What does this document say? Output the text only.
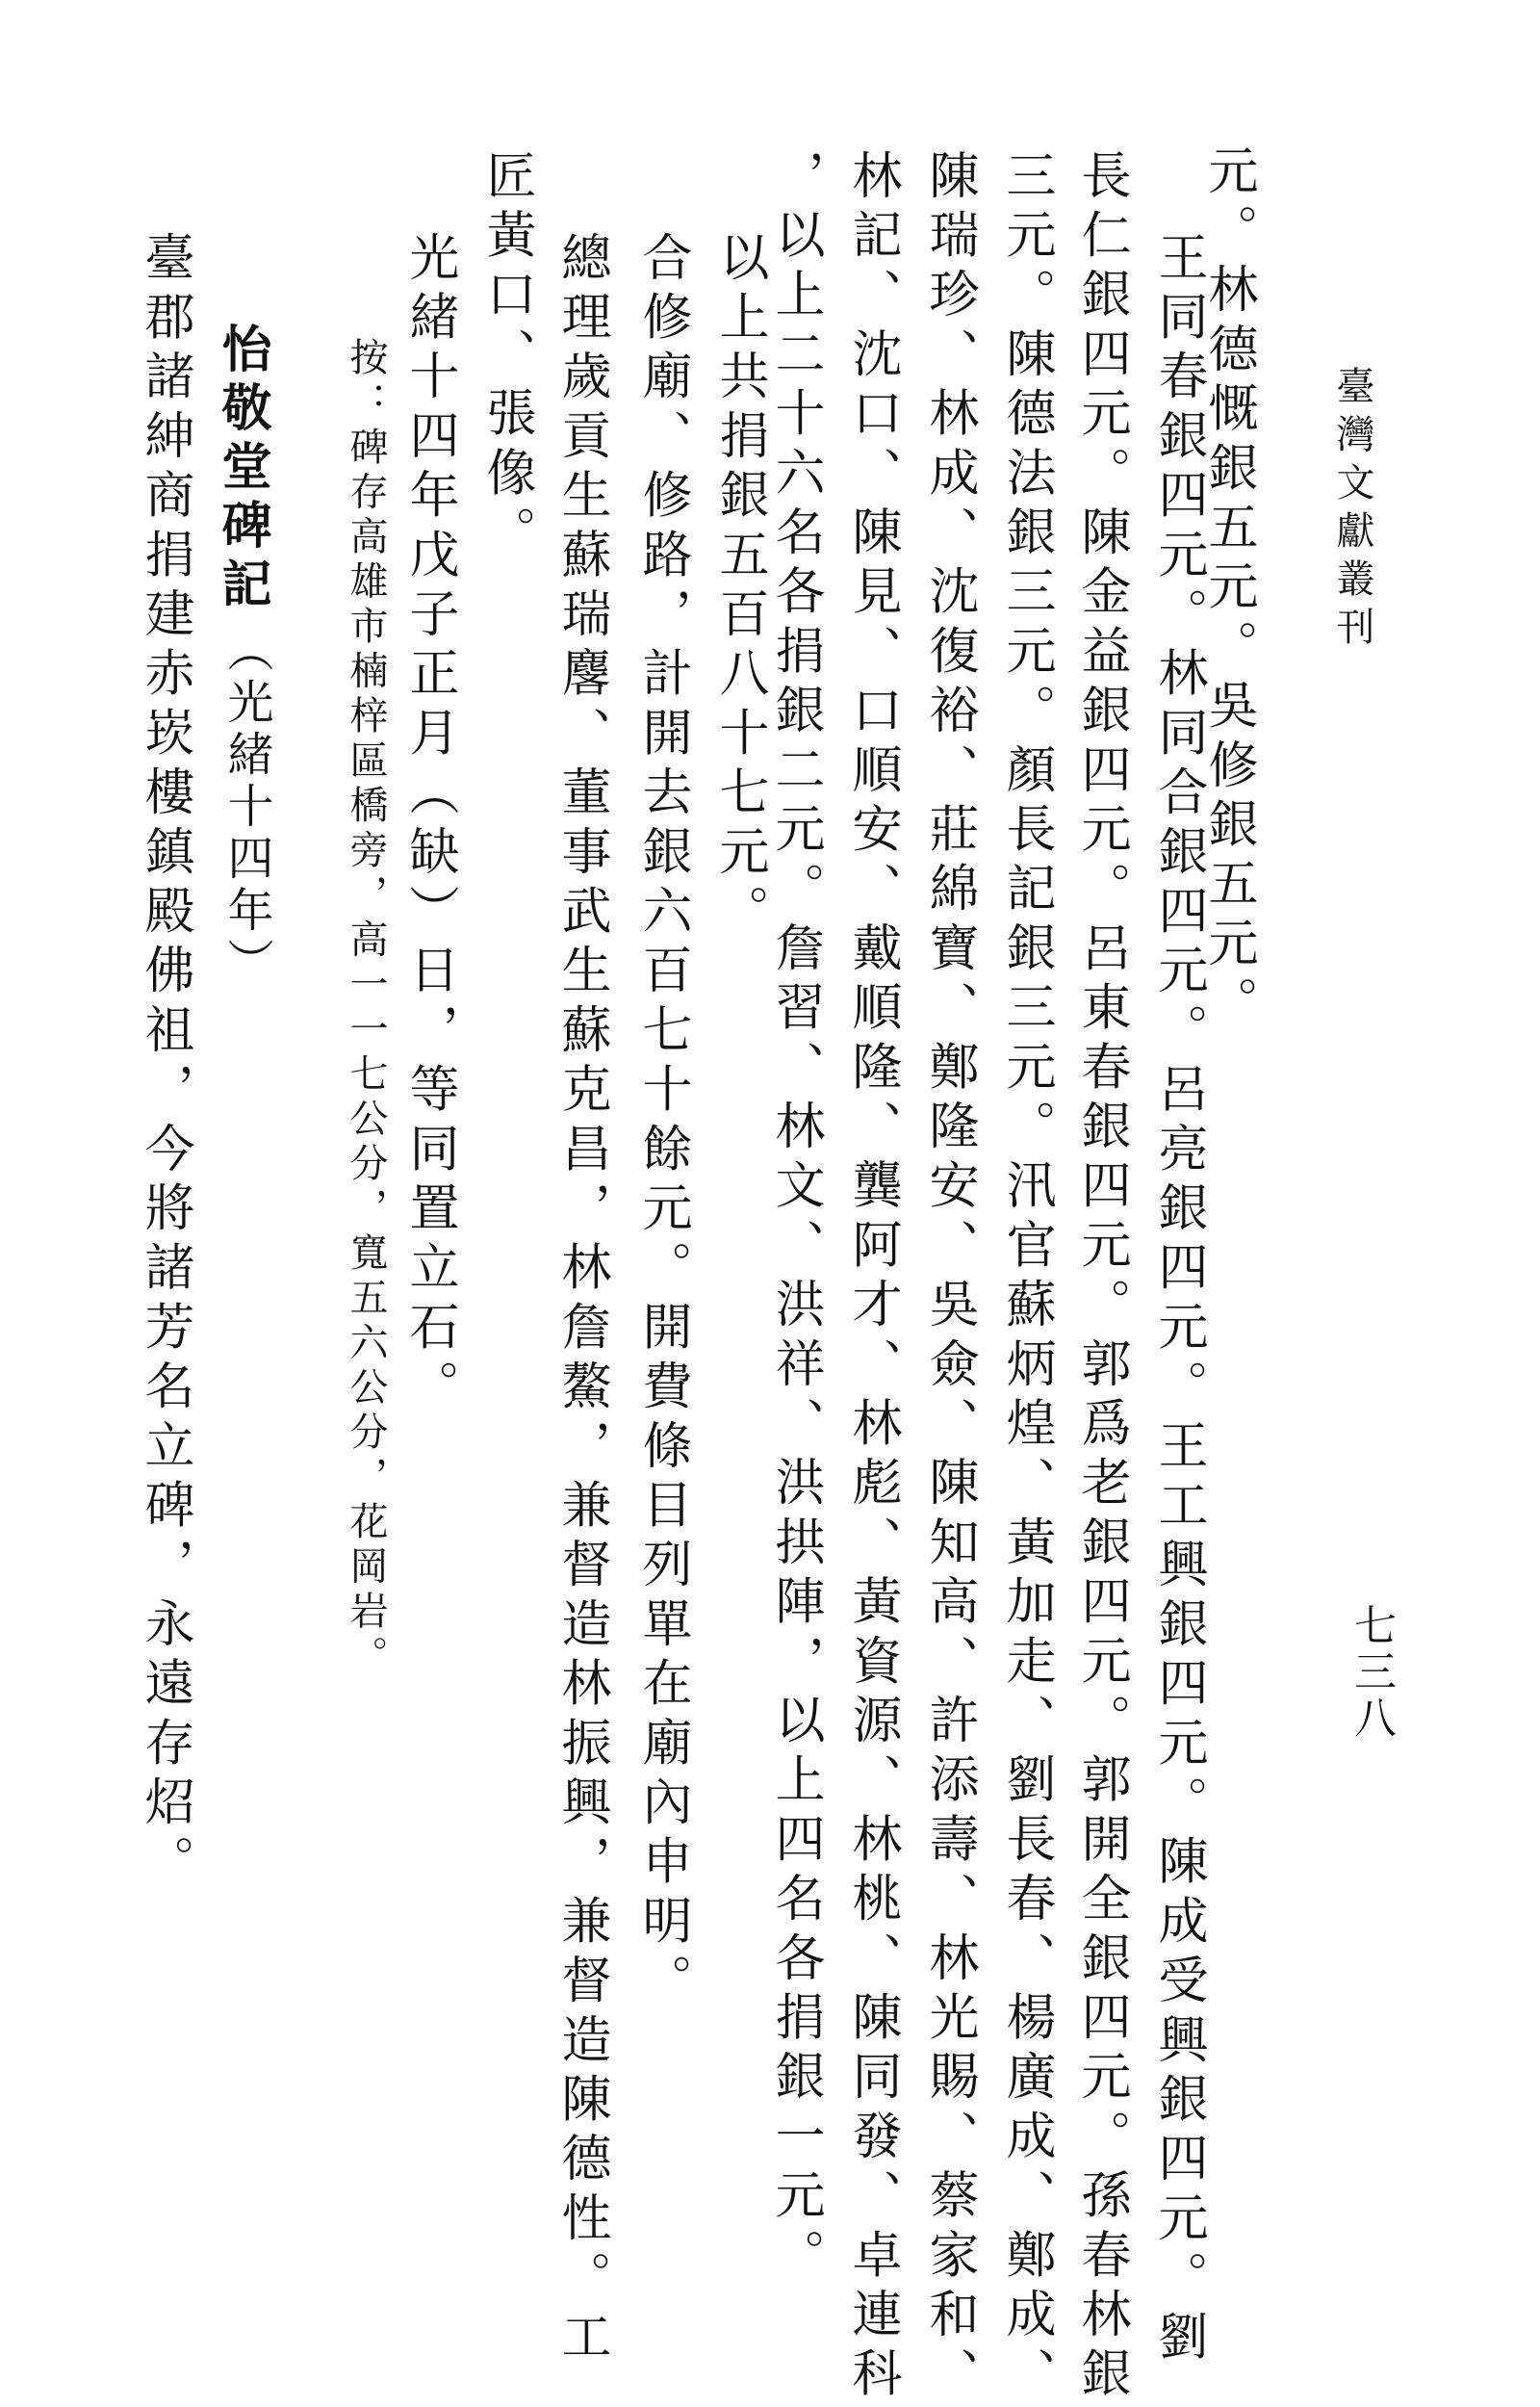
臺灣文獻叢刊
七三八
元。林德慨銀五元。吳修銀五元。
王同春銀四元。林同合銀四元。呂亮銀四元。王工興銀四元。陳成受興銀四元。劉
長仁銀四元。陳金益銀四元。呂東春銀四元。郭爲老銀四元。郭開全銀四元。孫春林銀
三元。陳德法銀三元。顏長記銀三元。汛官蘇炳煌、黃加走、劉長春、楊廣成、鄭成、
陳瑞珍、林成、沈復裕、莊綿寶、鄭隆安、吳僉、陳知高、許添壽、林光賜、蔡家和、
林記、沈口、陳見、口順安、戴順隆、龔阿才、林彪、黃資源、林桃、陳同發、卓連科
，以上二十六名各捐銀二元。詹習、林文、洪祥、洪拱陣，以上四名各捐銀一元。
以上共捐銀五百八十七元。
合修廟、修路，計開去銀六百七十餘元。開費條目列單在廟內申明。
總理歲貢生蘇瑞麐、董事武生蘇克昌，林詹鰲，兼督造林振興，兼督造陳德性。工
匠黃口、張像。
光緒十四年戊子正月（缺）日，等同置立石。
按：碑存高雄市楠梓區橋旁，高一一七公分，寬五六公分，花岡岩。
怡敬堂碑記
（光緒十四年）
臺郡諸紳商捐建赤崁樓鎮殿佛祖，今將諸芳名立碑，永遠存炤。
